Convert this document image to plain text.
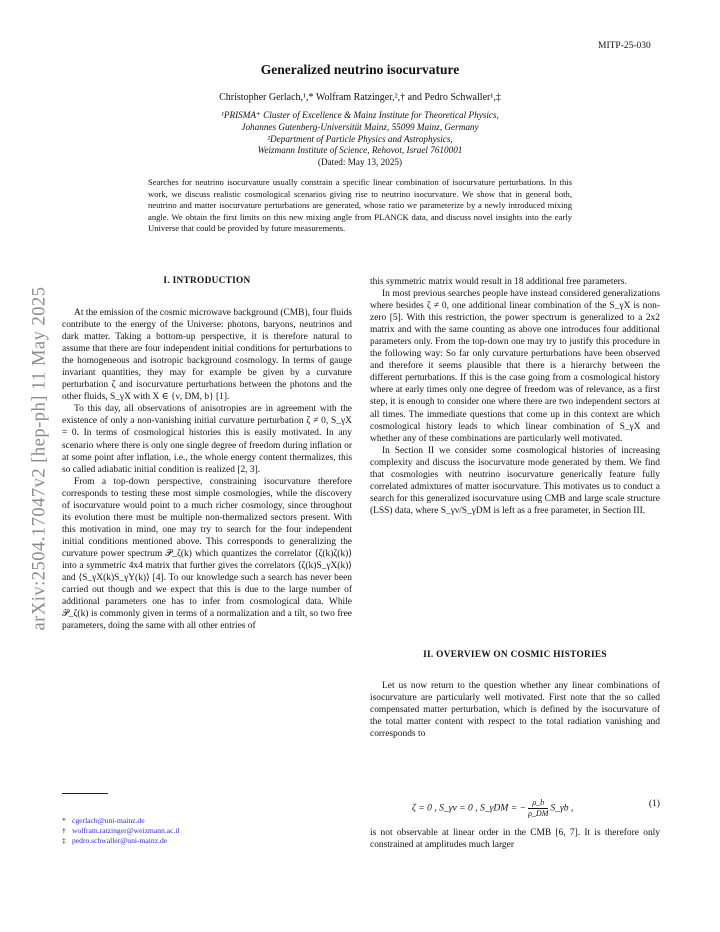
MITP-25-030
Generalized neutrino isocurvature
Christopher Gerlach,¹,* Wolfram Ratzinger,²,† and Pedro Schwaller¹,‡
¹PRISMA⁺ Cluster of Excellence & Mainz Institute for Theoretical Physics,
Johannes Gutenberg-Universität Mainz, 55099 Mainz, Germany
²Department of Particle Physics and Astrophysics,
Weizmann Institute of Science, Rehovot, Israel 7610001
(Dated: May 13, 2025)
Searches for neutrino isocurvature usually constrain a specific linear combination of isocurvature perturbations. In this work, we discuss realistic cosmological scenarios giving rise to neutrino isocurvature. We show that in general both, neutrino and matter isocurvature perturbations are generated, whose ratio we parameterize by a newly introduced mixing angle. We obtain the first limits on this new mixing angle from PLANCK data, and discuss novel insights into the early Universe that could be provided by future measurements.
arXiv:2504.17047v2 [hep-ph] 11 May 2025
I. INTRODUCTION

At the emission of the cosmic microwave background (CMB), four fluids contribute to the energy of the Universe: photons, baryons, neutrinos and dark matter. Taking a bottom-up perspective, it is therefore natural to assume that there are four independent initial conditions for perturbations to the homogeneous and isotropic background cosmology. In terms of gauge invariant quantities, they may for example be given by a curvature perturbation ζ and isocurvature perturbations between the photons and the other fluids, S_γX with X ∈ {ν, DM, b} [1].

To this day, all observations of anisotropies are in agreement with the existence of only a non-vanishing initial curvature perturbation ζ ≠ 0, S_γX = 0. In terms of cosmological histories this is easily motivated. In any scenario where there is only one single degree of freedom during inflation or at some point after inflation, i.e., the whole energy content thermalizes, this so called adiabatic initial condition is realized [2, 3].

From a top-down perspective, constraining isocurvature therefore corresponds to testing these most simple cosmologies, while the discovery of isocurvature would point to a much richer cosmology, since throughout its evolution there must be multiple non-thermalized sectors present. With this motivation in mind, one may try to search for the four independent initial conditions mentioned above. This corresponds to generalizing the curvature power spectrum 𝒫_ζ(k) which quantizes the correlator ⟨ζ(k)ζ(k)⟩ into a symmetric 4x4 matrix that further gives the correlators ⟨ζ(k)S_γX(k)⟩ and ⟨S_γX(k)S_γY(k)⟩ [4]. To our knowledge such a search has never been carried out though and we expect that this is due to the large number of additional parameters one has to infer from cosmological data. While 𝒫_ζ(k) is commonly given in terms of a normalization and a tilt, so two free parameters, doing the same with all other entries of

* cgerlach@uni-mainz.de
† wolfram.ratzinger@weizmann.ac.il
‡ pedro.schwaller@uni-mainz.de

this symmetric matrix would result in 18 additional free parameters.

In most previous searches people have instead considered generalizations where besides ζ ≠ 0, one additional linear combination of the S_γX is non-zero [5]. With this restriction, the power spectrum is generalized to a 2x2 matrix and with the same counting as above one introduces four additional parameters only. From the top-down one may try to justify this procedure in the following way: So far only curvature perturbations have been observed and therefore it seems plausible that there is a hierarchy between the different perturbations. If this is the case going from a cosmological history where at early times only one degree of freedom was of relevance, as a first step, it is enough to consider one where there are two independent sectors at all times. The immediate questions that come up in this context are which cosmological history leads to which linear combination of S_γX and whether any of these combinations are particularly well motivated.

In Section II we consider some cosmological histories of increasing complexity and discuss the isocurvature mode generated by them. We find that cosmologies with neutrino isocurvature generically feature fully correlated admixtures of matter isocurvature. This motivates us to conduct a search for this generalized isocurvature using CMB and large scale structure (LSS) data, where S_γν/S_γDM is left as a free parameter, in Section III.

II. OVERVIEW ON COSMIC HISTORIES

Let us now return to the question whether any linear combinations of isocurvature are particularly well motivated. First note that the so called compensated matter perturbation, which is defined by the isocurvature of the total matter content with respect to the total radiation vanishing and corresponds to

ζ = 0 , S_γν = 0 , S_γDM = − $\frac{\rho\_b}{\rho\_DM}$ S_γb ,	(1)

is not observable at linear order in the CMB [6, 7]. It is therefore only constrained at amplitudes much larger
